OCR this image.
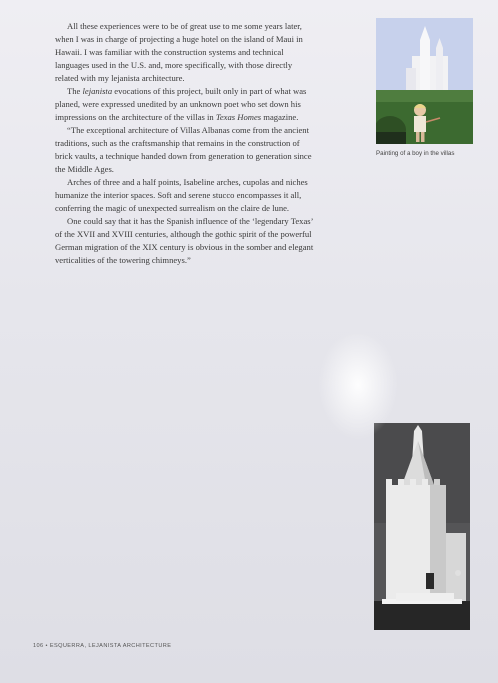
All these experiences were to be of great use to me some years later, when I was in charge of projecting a huge hotel on the island of Maui in Hawaii. I was familiar with the construction systems and technical languages used in the U.S. and, more specifically, with those directly related with my lejanista architecture.

The lejanista evocations of this project, built only in part of what was planed, were expressed unedited by an unknown poet who set down his impressions on the architecture of the villas in Texas Homes magazine.

“The exceptional architecture of Villas Albanas come from the ancient traditions, such as the craftsmanship that remains in the construction of brick vaults, a technique handed down from generation to generation since the Middle Ages.

Arches of three and a half points, Isabeline arches, cupolas and niches humanize the interior spaces. Soft and serene stucco encompasses it all, conferring the magic of unexpected surrealism on the claire de lune.

One could say that it has the Spanish influence of the ‘legendary Texas’ of the XVII and XVIII centuries, although the gothic spirit of the powerful German migration of the XIX century is obvious in the somber and elegant verticalities of the towering chimneys.”

Painting of a boy in the villas
106 • ESQUERRA, LEJANISTA ARCHITECTURE
